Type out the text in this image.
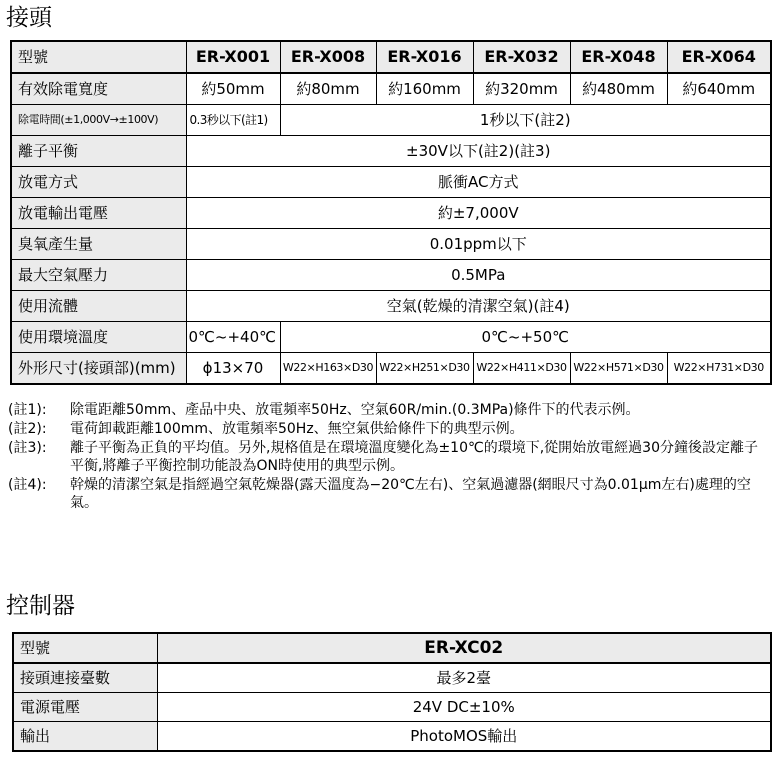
接頭
型號	ER-X001	ER-X008	ER-X016	ER-X032	ER-X048	ER-X064
有效除電寬度	約50mm	約80mm	約160mm	約320mm	約480mm	約640mm
除電時間(±1,000V→±100V)	0.3秒以下(註1)	1秒以下(註2)				
離子平衡	±30V以下(註2)(註3)					
放電方式	脈衝AC方式					
放電輸出電壓	約±7,000V					
臭氧產生量	0.01ppm以下					
最大空氣壓力	0.5MPa					
使用流體	空氣(乾燥的清潔空氣)(註4)					
使用環境溫度	0℃~+40℃	0℃~+50℃				
外形尺寸(接頭部)(mm)	ϕ13×70	W22×H163×D30	W22×H251×D30	W22×H411×D30	W22×H571×D30	W22×H731×D30
(註1):	除電距離50mm、產品中央、放電頻率50Hz、空氣60R/min.(0.3MPa)條件下的代表示例。
(註2):	電荷卸載距離100mm、放電頻率50Hz、無空氣供給條件下的典型示例。
(註3):	離子平衡為正負的平均值。另外,規格值是在環境溫度變化為±10℃的環境下,從開始放電經過30分鐘後設定離子平衡,將離子平衡控制功能設為ON時使用的典型示例。
(註4):	幹燥的清潔空氣是指經過空氣乾燥器(露天溫度為−20℃左右)、空氣過濾器(網眼尺寸為0.01μm左右)處理的空氣。
控制器
型號	ER-XC02
接頭連接臺數	最多2臺
電源電壓	24V DC±10%
輸出	PhotoMOS輸出
